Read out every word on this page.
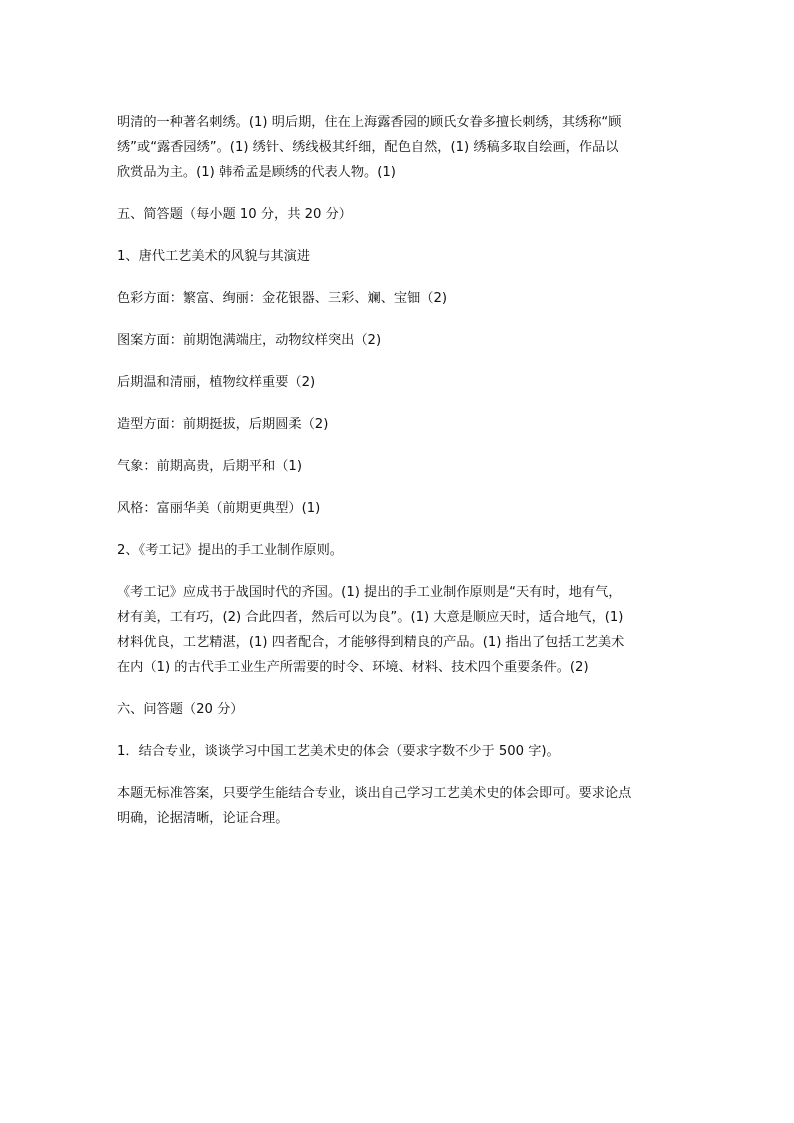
明清的一种著名刺绣。(1) 明后期，住在上海露香园的顾氏女眷多擅长刺绣，其绣称“顾
绣”或“露香园绣”。(1) 绣针、绣线极其纤细，配色自然，(1) 绣稿多取自绘画，作品以
欣赏品为主。(1) 韩希孟是顾绣的代表人物。(1)
五、简答题（每小题 10 分，共 20 分）
1、唐代工艺美术的风貌与其演进
色彩方面：繁富、绚丽：金花银器、三彩、斓、宝钿（2)
图案方面：前期饱满端庄，动物纹样突出（2)
后期温和清丽，植物纹样重要（2)
造型方面：前期挺拔，后期圆柔（2)
气象：前期高贵，后期平和（1)
风格：富丽华美（前期更典型）(1)
2、《考工记》提出的手工业制作原则。
《考工记》应成书于战国时代的齐国。(1) 提出的手工业制作原则是“天有时，地有气，
材有美，工有巧，(2) 合此四者，然后可以为良”。(1) 大意是顺应天时，适合地气，(1)
材料优良，工艺精湛，(1) 四者配合，才能够得到精良的产品。(1) 指出了包括工艺美术
在内（1) 的古代手工业生产所需要的时令、环境、材料、技术四个重要条件。(2)
六、问答题（20 分）
1．结合专业，谈谈学习中国工艺美术史的体会（要求字数不少于 500 字)。
本题无标准答案，只要学生能结合专业，谈出自己学习工艺美术史的体会即可。要求论点
明确，论据清晰，论证合理。
